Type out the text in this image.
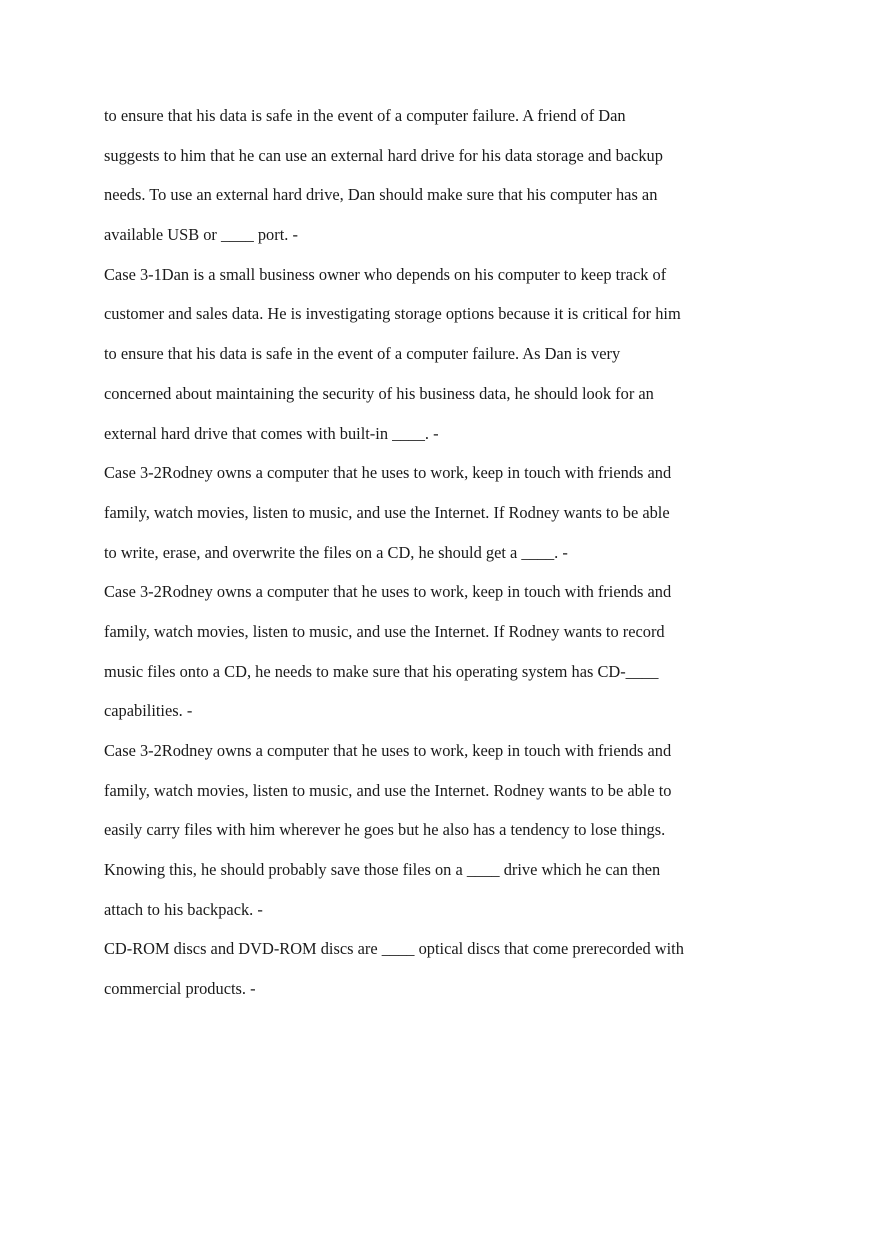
to ensure that his data is safe in the event of a computer failure. A friend of Dan
suggests to him that he can use an external hard drive for his data storage and backup
needs. To use an external hard drive, Dan should make sure that his computer has an
available USB or ____ port. -
Case 3-1Dan is a small business owner who depends on his computer to keep track of
customer and sales data. He is investigating storage options because it is critical for him
to ensure that his data is safe in the event of a computer failure. As Dan is very
concerned about maintaining the security of his business data, he should look for an
external hard drive that comes with built-in ____. -
Case 3-2Rodney owns a computer that he uses to work, keep in touch with friends and
family, watch movies, listen to music, and use the Internet. If Rodney wants to be able
to write, erase, and overwrite the files on a CD, he should get a ____. -
Case 3-2Rodney owns a computer that he uses to work, keep in touch with friends and
family, watch movies, listen to music, and use the Internet. If Rodney wants to record
music files onto a CD, he needs to make sure that his operating system has CD-____
capabilities. -
Case 3-2Rodney owns a computer that he uses to work, keep in touch with friends and
family, watch movies, listen to music, and use the Internet. Rodney wants to be able to
easily carry files with him wherever he goes but he also has a tendency to lose things.
Knowing this, he should probably save those files on a ____ drive which he can then
attach to his backpack. -
CD-ROM discs and DVD-ROM discs are ____ optical discs that come prerecorded with
commercial products. -
